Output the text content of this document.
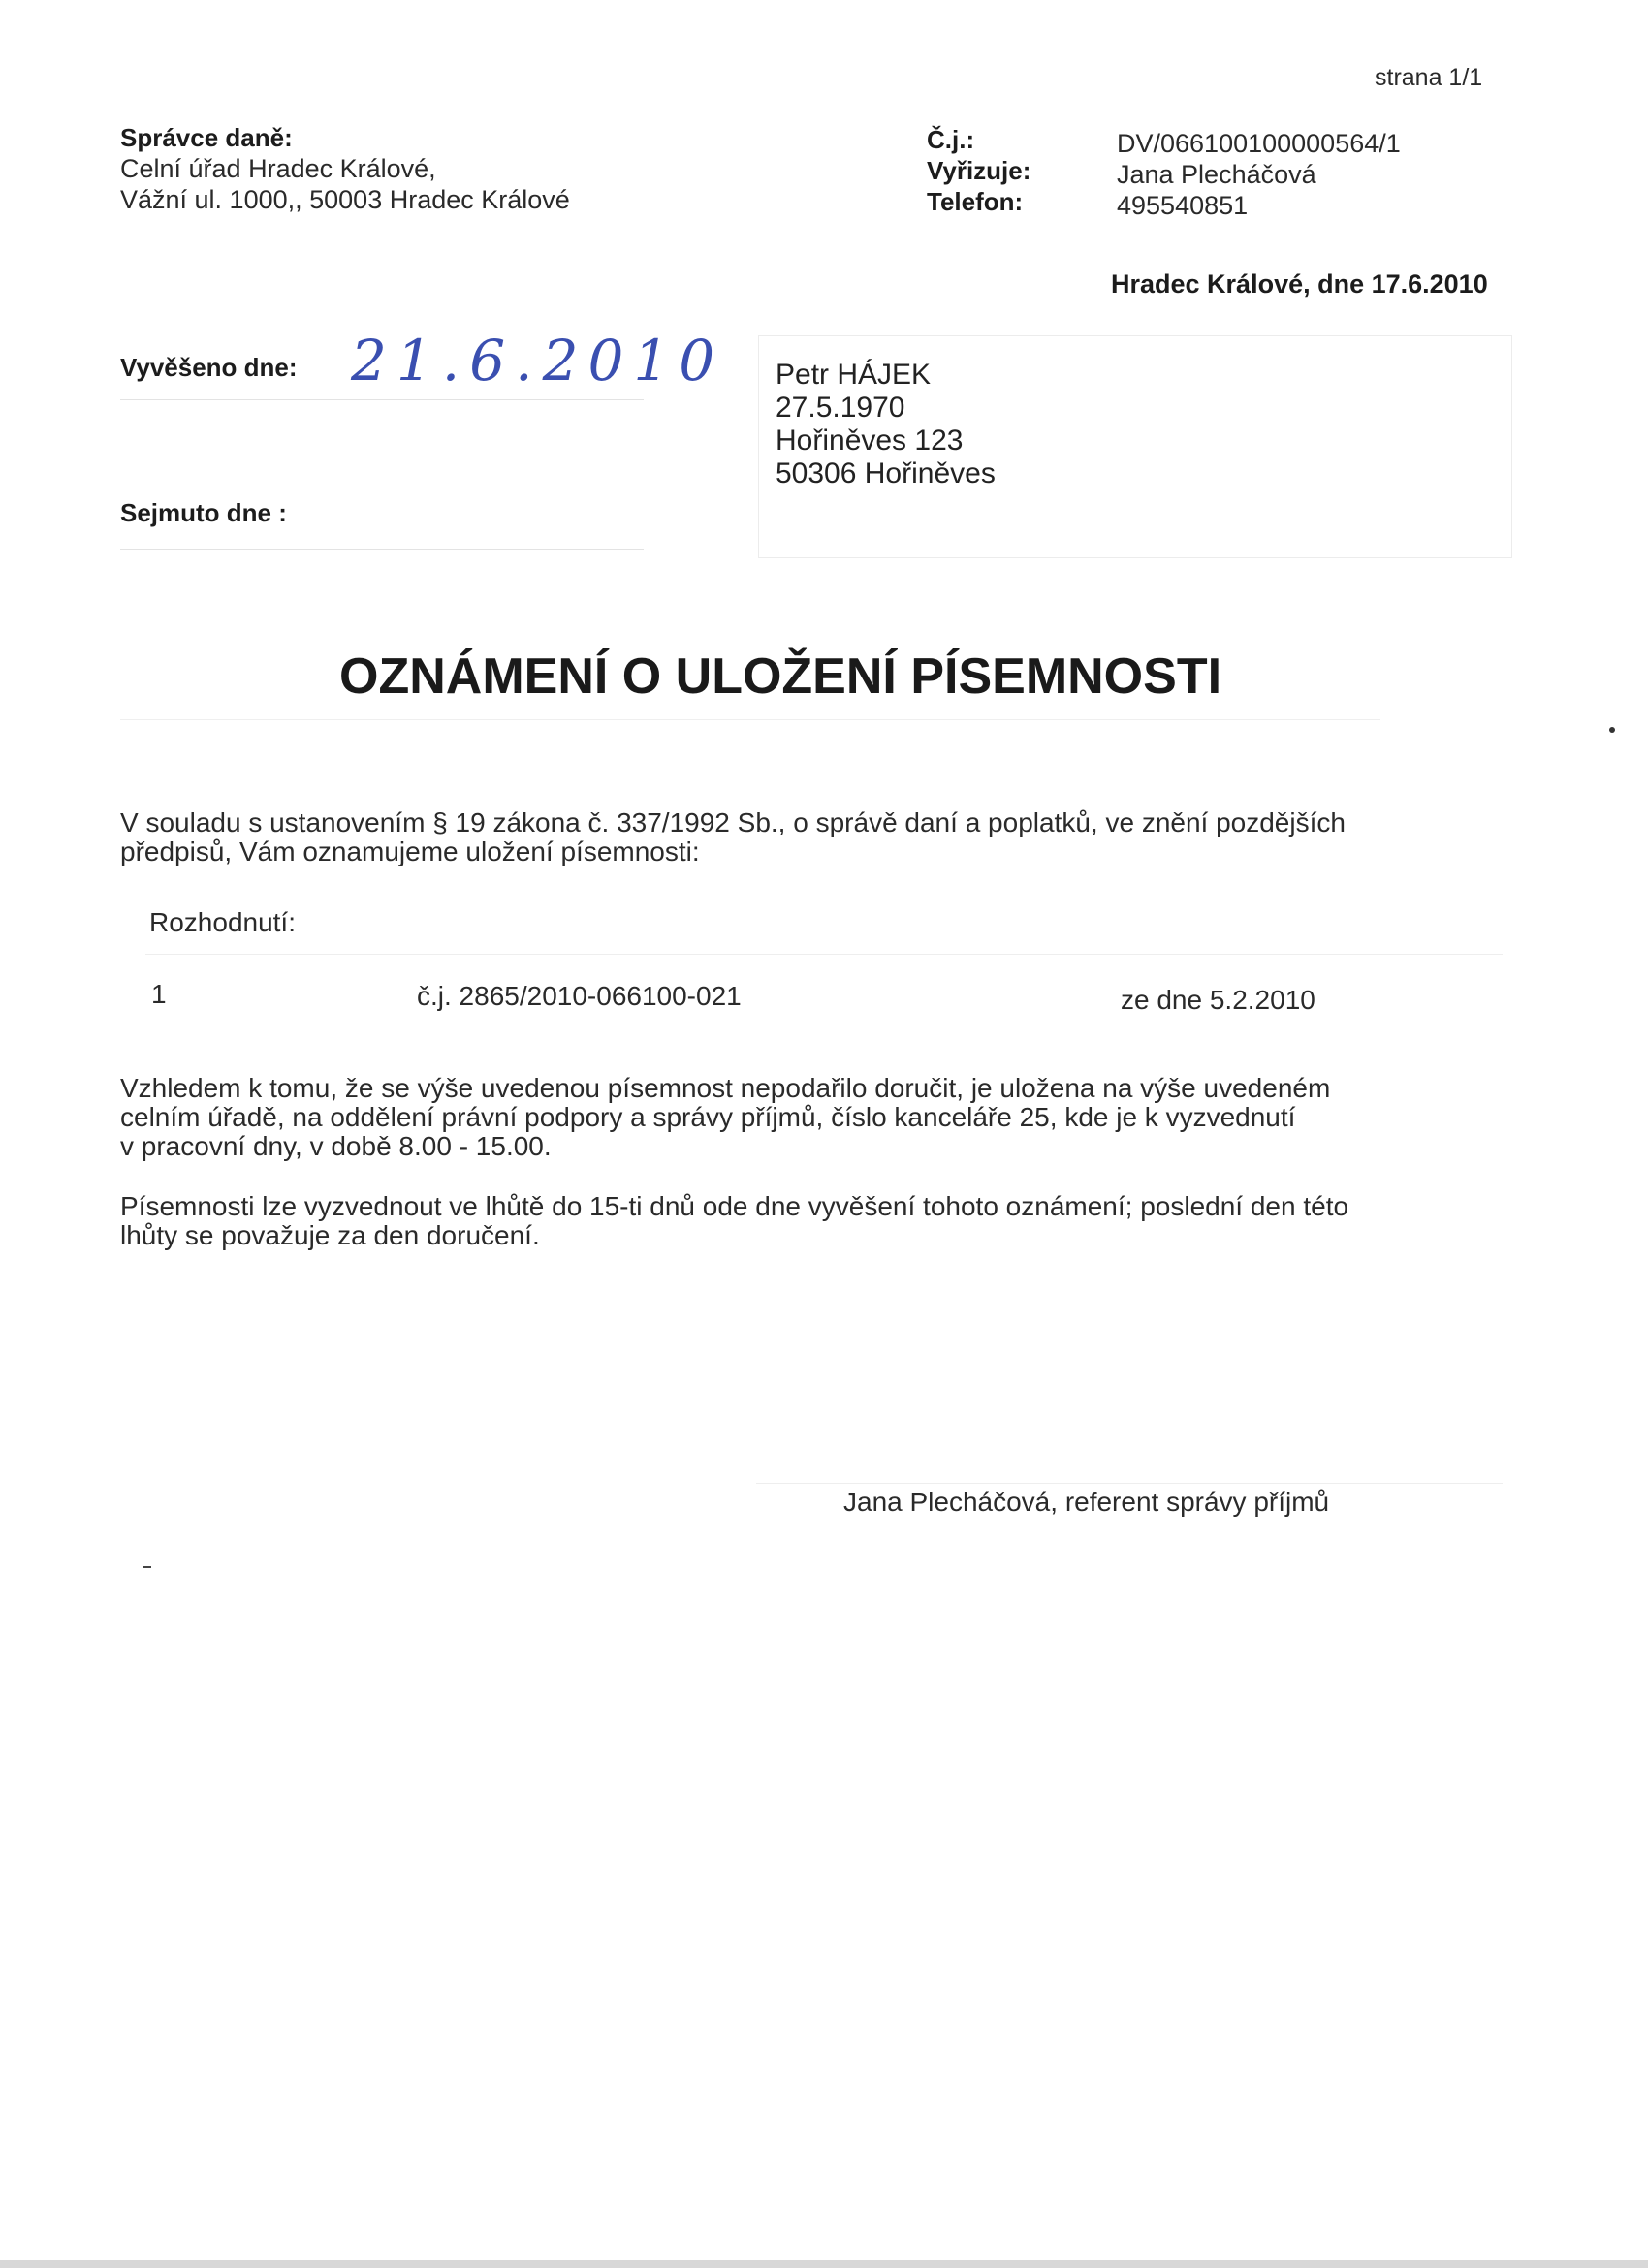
strana 1/1
Správce daně:
Celní úřad Hradec Králové,
Vážní ul. 1000,, 50003 Hradec Králové
Č.j.:
Vyřizuje:
Telefon:
DV/066100100000564/1
Jana Plecháčová
495540851
Hradec Králové, dne 17.6.2010
Vyvěšeno dne: 21.6.2010
Sejmuto dne :
Petr HÁJEK
27.5.1970
Hořiněves 123
50306 Hořiněves
OZNÁMENÍ O ULOŽENÍ PÍSEMNOSTI
V souladu s ustanovením § 19 zákona č. 337/1992 Sb., o správě daní a poplatků, ve znění pozdějších
předpisů, Vám oznamujeme uložení písemnosti:
Rozhodnutí:
1	č.j. 2865/2010-066100-021	ze dne 5.2.2010
Vzhledem k tomu, že se výše uvedenou písemnost nepodařilo doručit, je uložena na výše uvedeném
celním úřadě, na oddělení právní podpory a správy příjmů, číslo kanceláře 25, kde je k vyzvednutí
v pracovní dny, v době 8.00 - 15.00.
Písemnosti lze vyzvednout ve lhůtě do 15-ti dnů ode dne vyvěšení tohoto oznámení; poslední den této
lhůty se považuje za den doručení.
Jana Plecháčová, referent správy příjmů
